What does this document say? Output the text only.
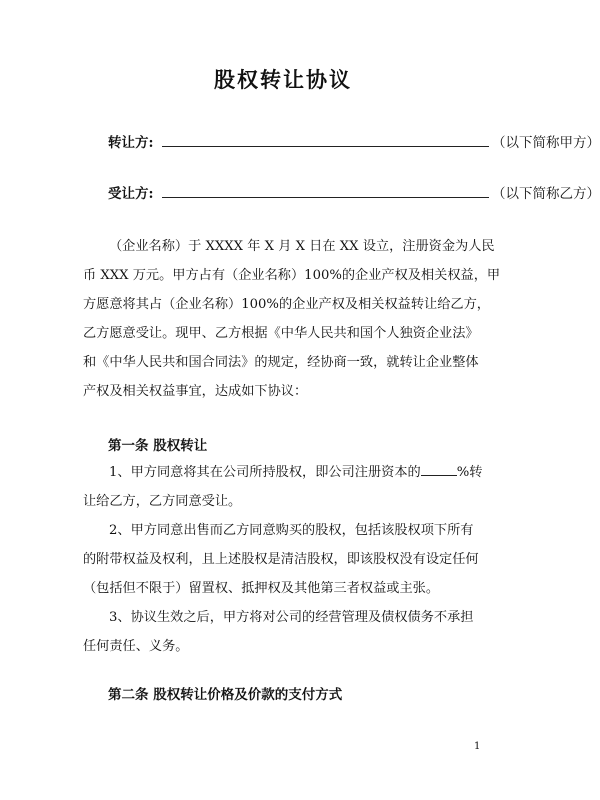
股权转让协议
转让方:	（以下简称甲方）
受让方:	（以下简称乙方）
（企业名称）于 XXXX 年 X 月 X 日在 XX 设立，注册资金为人民
币 XXX 万元。甲方占有（企业名称）100%的企业产权及相关权益，甲
方愿意将其占（企业名称）100%的企业产权及相关权益转让给乙方，
乙方愿意受让。现甲、乙方根据《中华人民共和国个人独资企业法》
和《中华人民共和国合同法》的规定，经协商一致，就转让企业整体
产权及相关权益事宜，达成如下协议：
第一条 股权转让
1、甲方同意将其在公司所持股权，即公司注册资本的	%转
让给乙方，乙方同意受让。
2、甲方同意出售而乙方同意购买的股权，包括该股权项下所有
的附带权益及权利，且上述股权是清洁股权，即该股权没有设定任何
（包括但不限于）留置权、抵押权及其他第三者权益或主张。
3、协议生效之后，甲方将对公司的经营管理及债权债务不承担
任何责任、义务。
第二条 股权转让价格及价款的支付方式
1
